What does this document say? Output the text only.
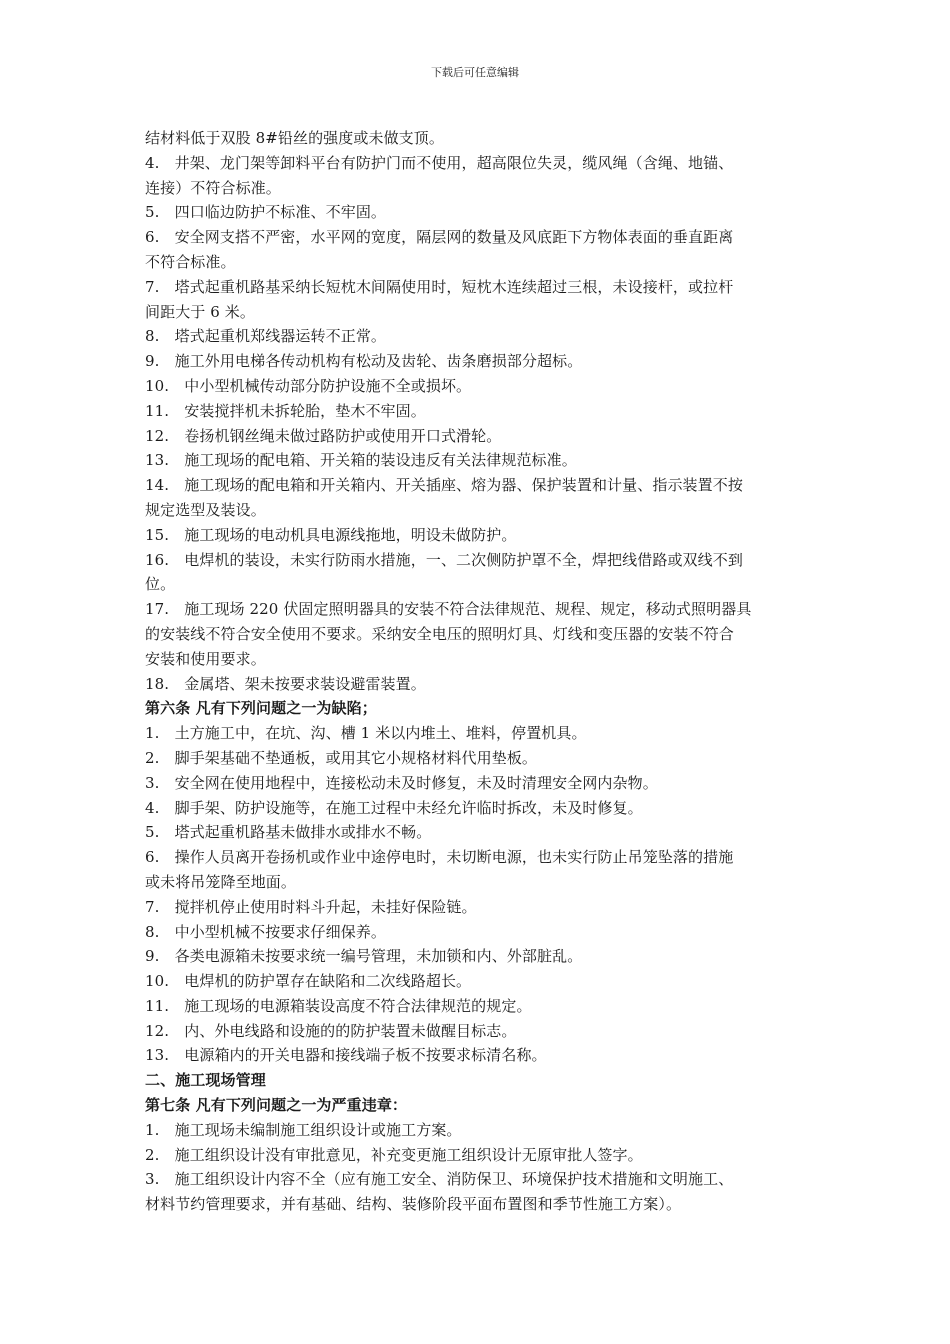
下载后可任意编辑
结材料低于双股 8#铅丝的强度或未做支顶。
4.　井架、龙门架等卸料平台有防护门而不使用，超高限位失灵，缆风绳（含绳、地锚、
连接）不符合标准。
5.　四口临边防护不标准、不牢固。
6.　安全网支搭不严密，水平网的宽度，隔层网的数量及风底距下方物体表面的垂直距离
不符合标准。
7.　塔式起重机路基采纳长短枕木间隔使用时，短枕木连续超过三根，未设接杆，或拉杆
间距大于 6 米。
8.　塔式起重机郑线器运转不正常。
9.　施工外用电梯各传动机构有松动及齿轮、齿条磨损部分超标。
10.　中小型机械传动部分防护设施不全或损坏。
11.　安装搅拌机未拆轮胎，垫木不牢固。
12.　卷扬机钢丝绳未做过路防护或使用开口式滑轮。
13.　施工现场的配电箱、开关箱的装设违反有关法律规范标准。
14.　施工现场的配电箱和开关箱内、开关插座、熔为器、保护装置和计量、指示装置不按
规定选型及装设。
15.　施工现场的电动机具电源线拖地，明设未做防护。
16.　电焊机的装设，未实行防雨水措施，一、二次侧防护罩不全，焊把线借路或双线不到
位。
17.　施工现场 220 伏固定照明器具的安装不符合法律规范、规程、规定，移动式照明器具
的安装线不符合安全使用不要求。采纳安全电压的照明灯具、灯线和变压器的安装不符合
安装和使用要求。
18.　金属塔、架未按要求装设避雷装置。
第六条 凡有下列问题之一为缺陷；
1.　土方施工中，在坑、沟、槽 1 米以内堆土、堆料，停置机具。
2.　脚手架基础不垫通板，或用其它小规格材料代用垫板。
3.　安全网在使用地程中，连接松动未及时修复，未及时清理安全网内杂物。
4.　脚手架、防护设施等，在施工过程中未经允许临时拆改，未及时修复。
5.　塔式起重机路基未做排水或排水不畅。
6.　操作人员离开卷扬机或作业中途停电时，未切断电源，也未实行防止吊笼坠落的措施
或未将吊笼降至地面。
7.　搅拌机停止使用时料斗升起，未挂好保险链。
8.　中小型机械不按要求仔细保养。
9.　各类电源箱未按要求统一编号管理，未加锁和内、外部脏乱。
10.　电焊机的防护罩存在缺陷和二次线路超长。
11.　施工现场的电源箱装设高度不符合法律规范的规定。
12.　内、外电线路和设施的的防护装置未做醒目标志。
13.　电源箱内的开关电器和接线端子板不按要求标清名称。
二、施工现场管理
第七条 凡有下列问题之一为严重违章：
1.　施工现场未编制施工组织设计或施工方案。
2.　施工组织设计没有审批意见，补充变更施工组织设计无原审批人签字。
3.　施工组织设计内容不全（应有施工安全、消防保卫、环境保护技术措施和文明施工、
材料节约管理要求，并有基础、结构、装修阶段平面布置图和季节性施工方案）。
